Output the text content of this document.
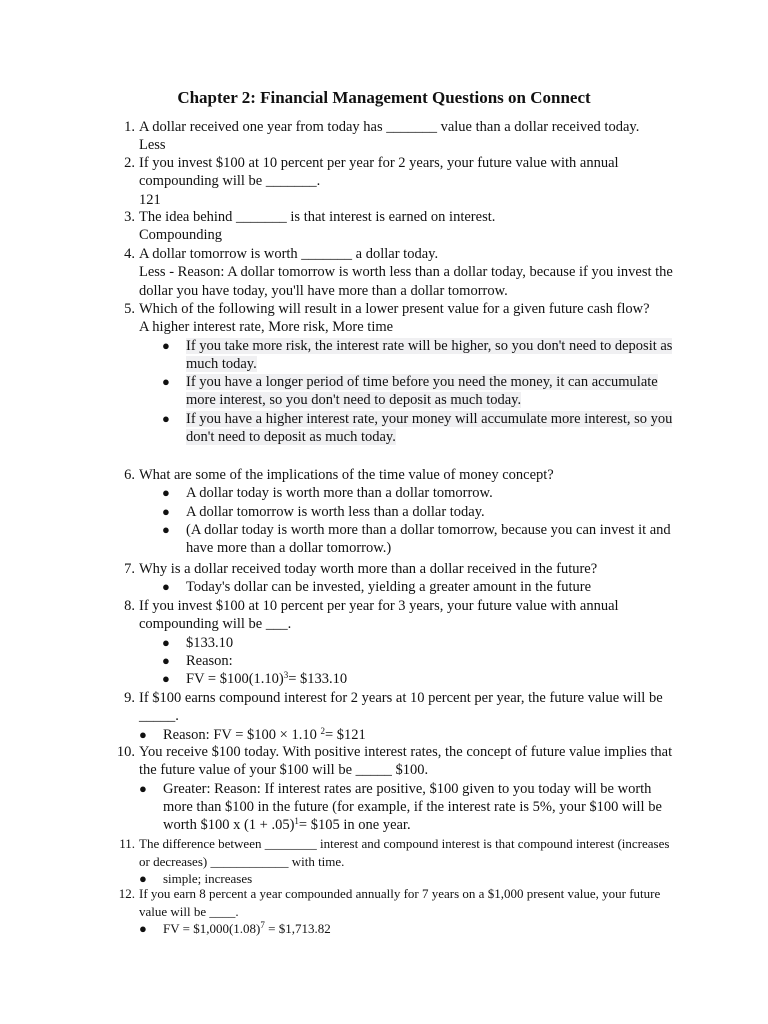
Chapter 2: Financial Management Questions on Connect
1. A dollar received one year from today has _______ value than a dollar received today.

Less
2. If you invest $100 at 10 percent per year for 2 years, your future value with annual compounding will be _______.

121
3. The idea behind _______ is that interest is earned on interest.

Compounding
4. A dollar tomorrow is worth _______ a dollar today.

Less - Reason: A dollar tomorrow is worth less than a dollar today, because if you invest the dollar you have today, you'll have more than a dollar tomorrow.
5. Which of the following will result in a lower present value for a given future cash flow?

A higher interest rate, More risk, More time
● If you take more risk, the interest rate will be higher, so you don't need to deposit as much today.
● If you have a longer period of time before you need the money, it can accumulate more interest, so you don't need to deposit as much today.
● If you have a higher interest rate, your money will accumulate more interest, so you don't need to deposit as much today.
6. What are some of the implications of the time value of money concept?

● A dollar today is worth more than a dollar tomorrow.
● A dollar tomorrow is worth less than a dollar today.
● (A dollar today is worth more than a dollar tomorrow, because you can invest it and have more than a dollar tomorrow.)
7. Why is a dollar received today worth more than a dollar received in the future?

● Today's dollar can be invested, yielding a greater amount in the future
8. If you invest $100 at 10 percent per year for 3 years, your future value with annual compounding will be ___.

● $133.10
● Reason:
● FV = $\$100(1.10)^3=$ $133.10
9. If $100 earns compound interest for 2 years at 10 percent per year, the future value will be _____.

● Reason: FV = $100 × 1.10 $^2$= $121
10. You receive $100 today. With positive interest rates, the concept of future value implies that the future value of your $100 will be _____ $100.

● Greater: Reason: If interest rates are positive, $100 given to you today will be worth more than $100 in the future (for example, if the interest rate is 5%, your $100 will be worth $100 x $(1 + .05)^1=$ $105 in one year.
11. The difference between ________ interest and compound interest is that compound interest (increases or decreases) ____________ with time.

● simple; increases
12. If you earn 8 percent a year compounded annually for 7 years on a $1,000 present value, your future value will be ____.

● FV = $\$1,000(1.08)^7$ = $1,713.82
